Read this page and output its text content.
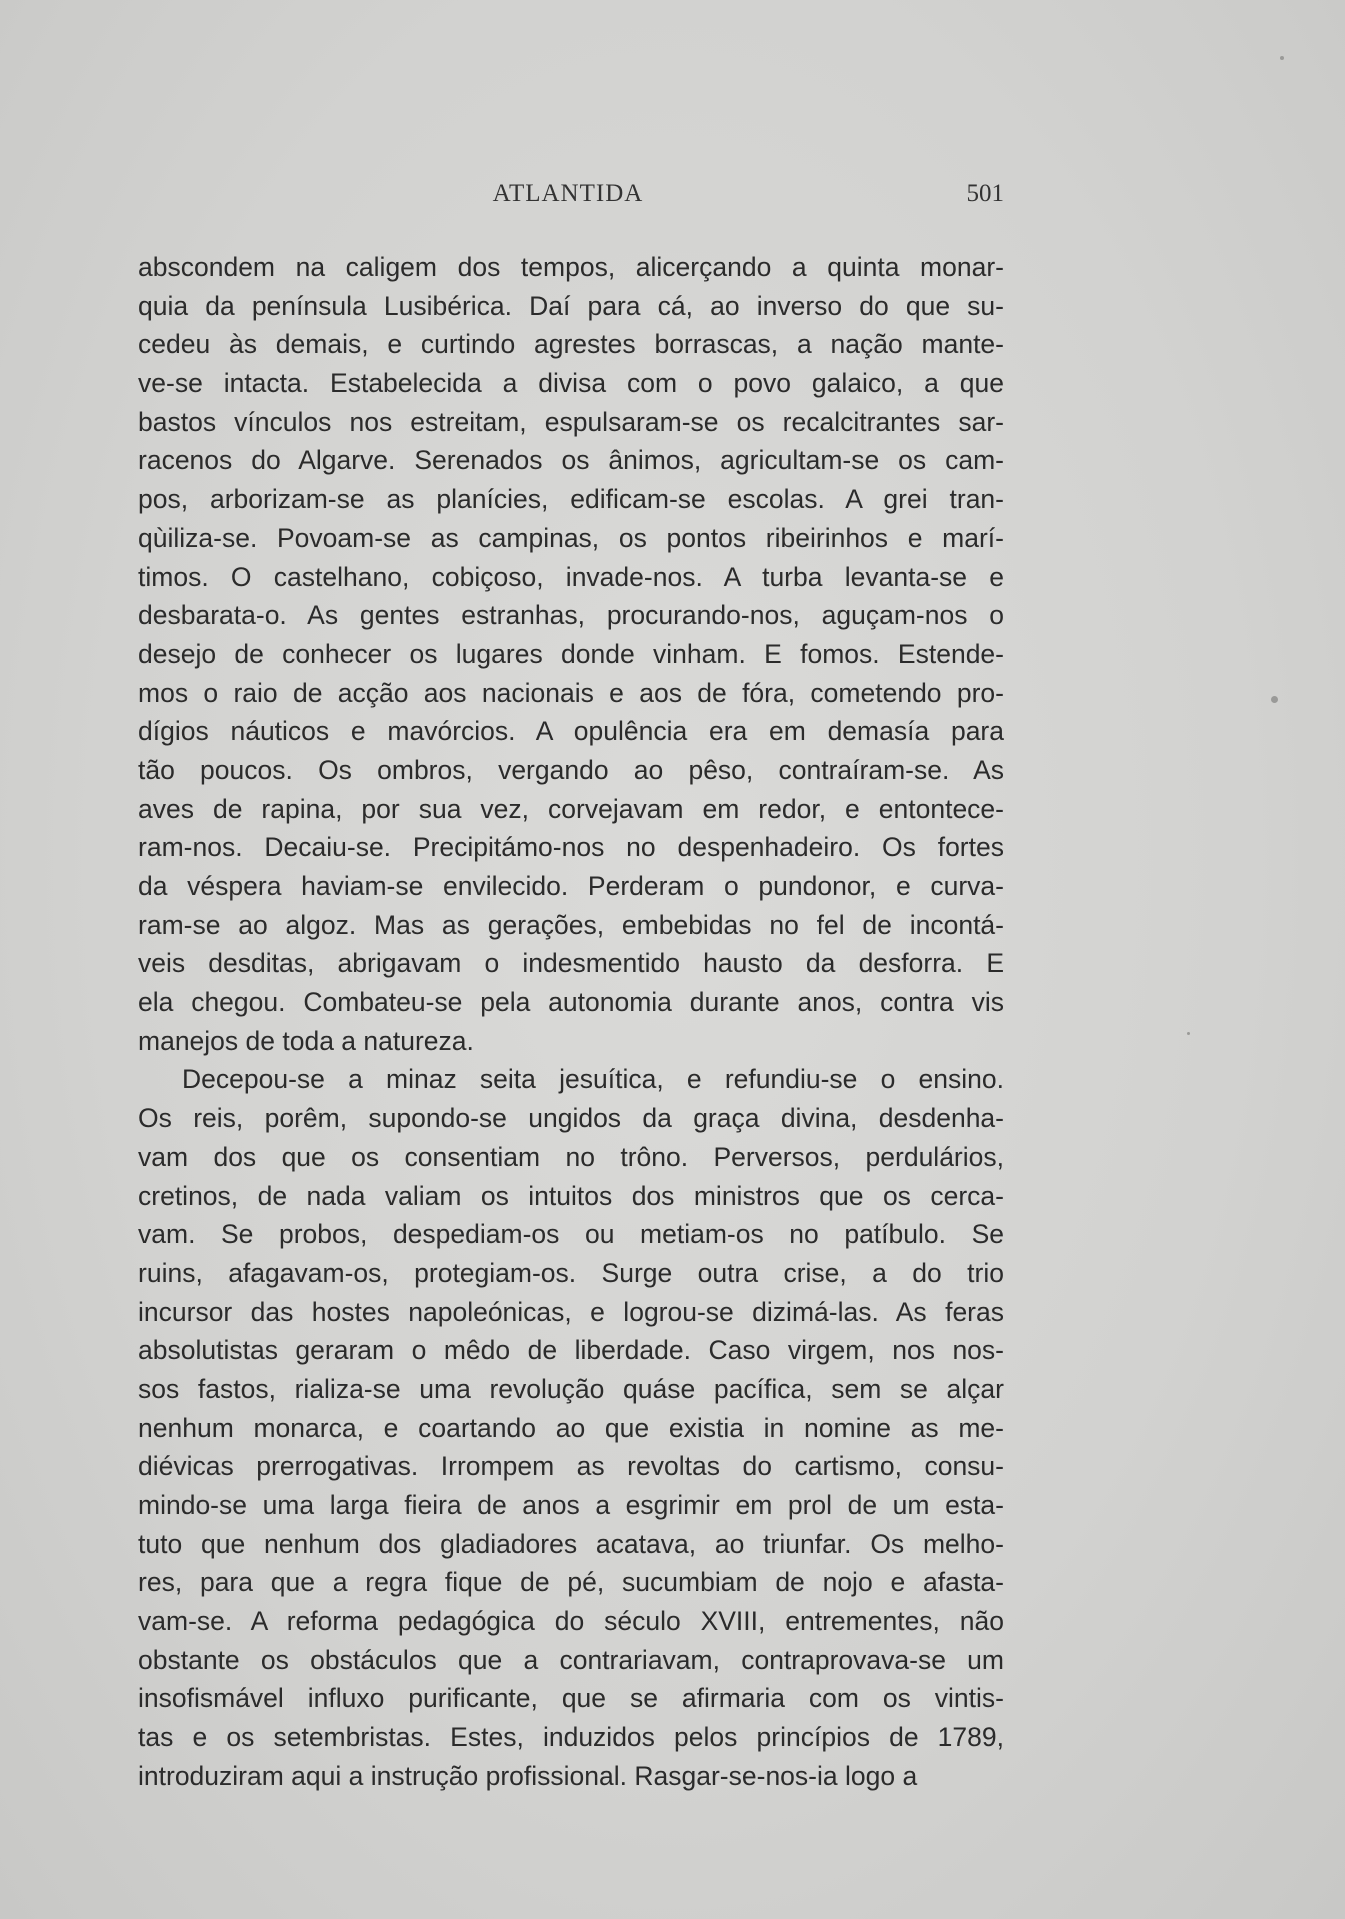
ATLANTIDA	501
abscondem na caligem dos tempos, alicerçando a quinta monar-
quia da península Lusibérica. Daí para cá, ao inverso do que su-
cedeu às demais, e curtindo agrestes borrascas, a nação mante-
ve-se intacta. Estabelecida a divisa com o povo galaico, a que
bastos vínculos nos estreitam, espulsaram-se os recalcitrantes sar-
racenos do Algarve. Serenados os ânimos, agricultam-se os cam-
pos, arborizam-se as planícies, edificam-se escolas. A grei tran-
qùiliza-se. Povoam-se as campinas, os pontos ribeirinhos e marí-
timos. O castelhano, cobiçoso, invade-nos. A turba levanta-se e
desbarata-o. As gentes estranhas, procurando-nos, aguçam-nos o
desejo de conhecer os lugares donde vinham. E fomos. Estende-
mos o raio de acção aos nacionais e aos de fóra, cometendo pro-
dígios náuticos e mavórcios. A opulência era em demasía para
tão poucos. Os ombros, vergando ao pêso, contraíram-se. As
aves de rapina, por sua vez, corvejavam em redor, e entontece-
ram-nos. Decaiu-se. Precipitámo-nos no despenhadeiro. Os fortes
da véspera haviam-se envilecido. Perderam o pundonor, e curva-
ram-se ao algoz. Mas as gerações, embebidas no fel de incontá-
veis desditas, abrigavam o indesmentido hausto da desforra. E
ela chegou. Combateu-se pela autonomia durante anos, contra vis
manejos de toda a natureza.
Decepou-se a minaz seita jesuítica, e refundiu-se o ensino.
Os reis, porêm, supondo-se ungidos da graça divina, desdenha-
vam dos que os consentiam no trôno. Perversos, perdulários,
cretinos, de nada valiam os intuitos dos ministros que os cerca-
vam. Se probos, despediam-os ou metiam-os no patíbulo. Se
ruins, afagavam-os, protegiam-os. Surge outra crise, a do trio
incursor das hostes napoleónicas, e logrou-se dizimá-las. As feras
absolutistas geraram o mêdo de liberdade. Caso virgem, nos nos-
sos fastos, rializa-se uma revolução quáse pacífica, sem se alçar
nenhum monarca, e coartando ao que existia in nomine as me-
diévicas prerrogativas. Irrompem as revoltas do cartismo, consu-
mindo-se uma larga fieira de anos a esgrimir em prol de um esta-
tuto que nenhum dos gladiadores acatava, ao triunfar. Os melho-
res, para que a regra fique de pé, sucumbiam de nojo e afasta-
vam-se. A reforma pedagógica do século XVIII, entrementes, não
obstante os obstáculos que a contrariavam, contraprovava-se um
insofismável influxo purificante, que se afirmaria com os vintis-
tas e os setembristas. Estes, induzidos pelos princípios de 1789,
introduziram aqui a instrução profissional. Rasgar-se-nos-ia logo a
